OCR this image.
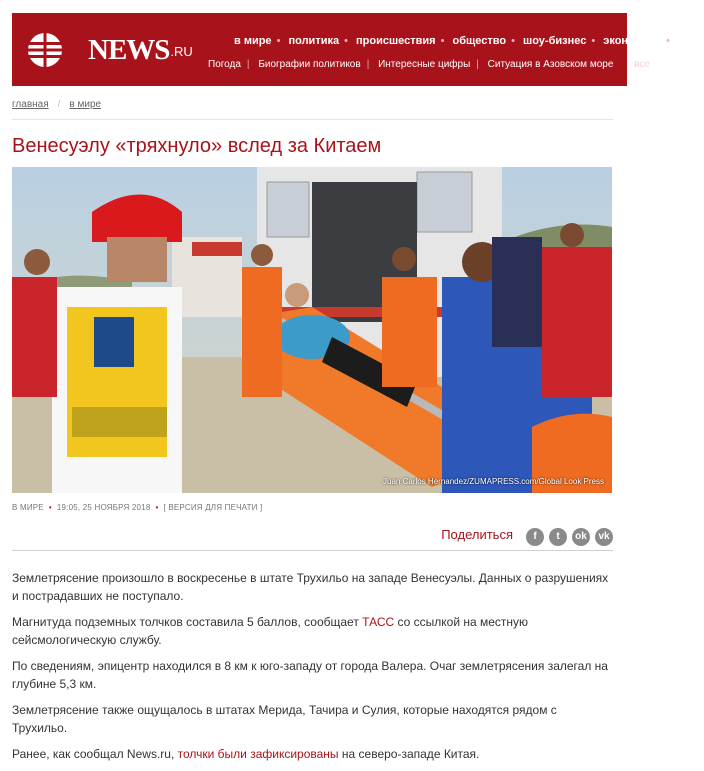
$NEWS^{.RU}$
в мире • политика • происшествия • общество • шоу-бизнес • экономика • спор
Погода | Биографии политиков | Интересные цифры | Ситуация в Азовском море все
главная / в мире
Венесуэлу «тряхнуло» вслед за Китаем
Juan Carlos Hernandez/ZUMAPRESS.com/Global Look Press
В МИРЕ • 19:05, 25 НОЯБРЯ 2018 • [ ВЕРСИЯ ДЛЯ ПЕЧАТИ ]
Поделиться	f t ok vk

Землетрясение произошло в воскресенье в штате Трухильо на западе Венесуэлы. Данных о разрушениях и пострадавших не поступало.

Магнитуда подземных толчков составила 5 баллов, сообщает ТАСС со ссылкой на местную сейсмологическую службу.

По сведениям, эпицентр находился в 8 км к юго-западу от города Валера. Очаг землетрясения залегал на глубине 5,3 км.

Землетрясение также ощущалось в штатах Мерида, Тачира и Сулия, которые находятся рядом с Трухильо.

Ранее, как сообщал News.ru, толчки были зафиксированы на северо-западе Китая.
